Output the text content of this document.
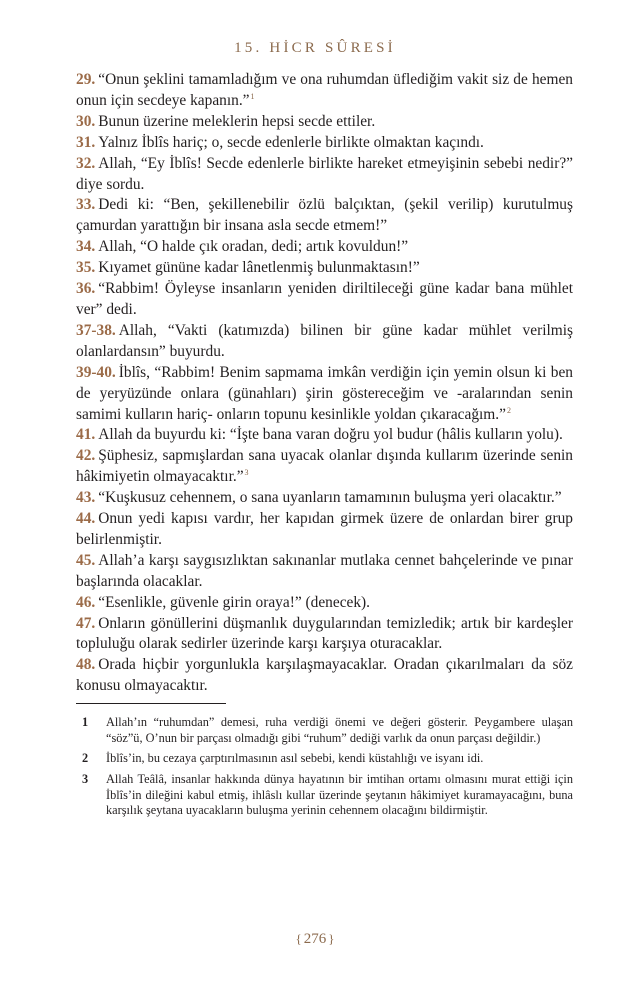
15. HİCR SÛRESİ

29. “Onun şeklini tamamladığım ve ona ruhumdan üflediğim vakit siz de hemen onun için secdeye kapanın.”$^1$

30. Bunun üzerine meleklerin hepsi secde ettiler.

31. Yalnız İblîs hariç; o, secde edenlerle birlikte olmaktan kaçındı.

32. Allah, “Ey İblîs! Secde edenlerle birlikte hareket etmeyişinin sebebi nedir?” diye sordu.

33. Dedi ki: “Ben, şekillenebilir özlü balçıktan, (şekil verilip) kurutulmuş çamurdan yarattığın bir insana asla secde etmem!”

34. Allah, “O halde çık oradan, dedi; artık kovuldun!”

35. Kıyamet gününe kadar lânetlenmiş bulunmaktasın!”

36. “Rabbim! Öyleyse insanların yeniden diriltileceği güne kadar bana mühlet ver” dedi.

37-38. Allah, “Vakti (katımızda) bilinen bir güne kadar mühlet verilmiş olanlardansın” buyurdu.

39-40. İblîs, “Rabbim! Benim sapmama imkân verdiğin için yemin olsun ki ben de yeryüzünde onlara (günahları) şirin göstereceğim ve -aralarından senin samimi kulların hariç- onların topunu kesinlikle yoldan çıkaracağım.”$^2$

41. Allah da buyurdu ki: “İşte bana varan doğru yol budur (hâlis kulların yolu).

42. Şüphesiz, sapmışlardan sana uyacak olanlar dışında kullarım üzerinde senin hâkimiyetin olmayacaktır.”$^3$

43. “Kuşkusuz cehennem, o sana uyanların tamamının buluşma yeri olacaktır.”

44. Onun yedi kapısı vardır, her kapıdan girmek üzere de onlardan birer grup belirlenmiştir.

45. Allah’a karşı saygısızlıktan sakınanlar mutlaka cennet bahçelerinde ve pınar başlarında olacaklar.

46. “Esenlikle, güvenle girin oraya!” (denecek).

47. Onların gönüllerini düşmanlık duygularından temizledik; artık bir kardeşler topluluğu olarak sedirler üzerinde karşı karşıya oturacaklar.

48. Orada hiçbir yorgunlukla karşılaşmayacaklar. Oradan çıkarılmaları da söz konusu olmayacaktır.

1 Allah’ın “ruhumdan” demesi, ruha verdiği önemi ve değeri gösterir. Peygambere ulaşan “söz”ü, O’nun bir parçası olmadığı gibi “ruhum” dediği varlık da onun parçası değildir.)
2 İblîs’in, bu cezaya çarptırılmasının asıl sebebi, kendi küstahlığı ve isyanı idi.
3 Allah Teâlâ, insanlar hakkında dünya hayatının bir imtihan ortamı olmasını murat ettiği için İblîs’in dileğini kabul etmiş, ihlâslı kullar üzerinde şeytanın hâkimiyet kuramayacağını, buna karşılık şeytana uyacakların buluşma yerinin cehennem olacağını bildirmiştir.
{ 276 }
